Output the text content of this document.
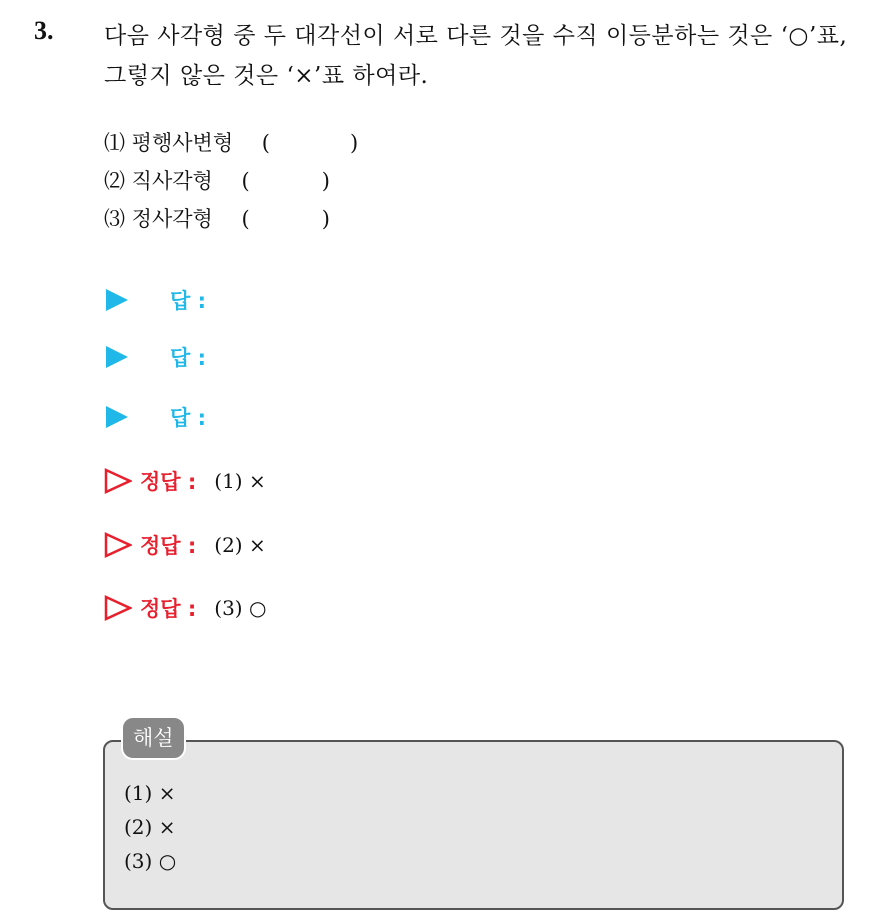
3. 다음 사각형 중 두 대각선이 서로 다른 것을 수직 이등분하는 것은 ‘○’표, 그렇지 않은 것은 ‘×’표 하여라.
⑴ 평행사변형 (	)
⑵ 직사각형 (	)
⑶ 정사각형 (	)
답 :
답 :
답 :
정답 : (1) ×
정답 : (2) ×
정답 : (3) ○
해설
(1) ×
(2) ×
(3) ○
